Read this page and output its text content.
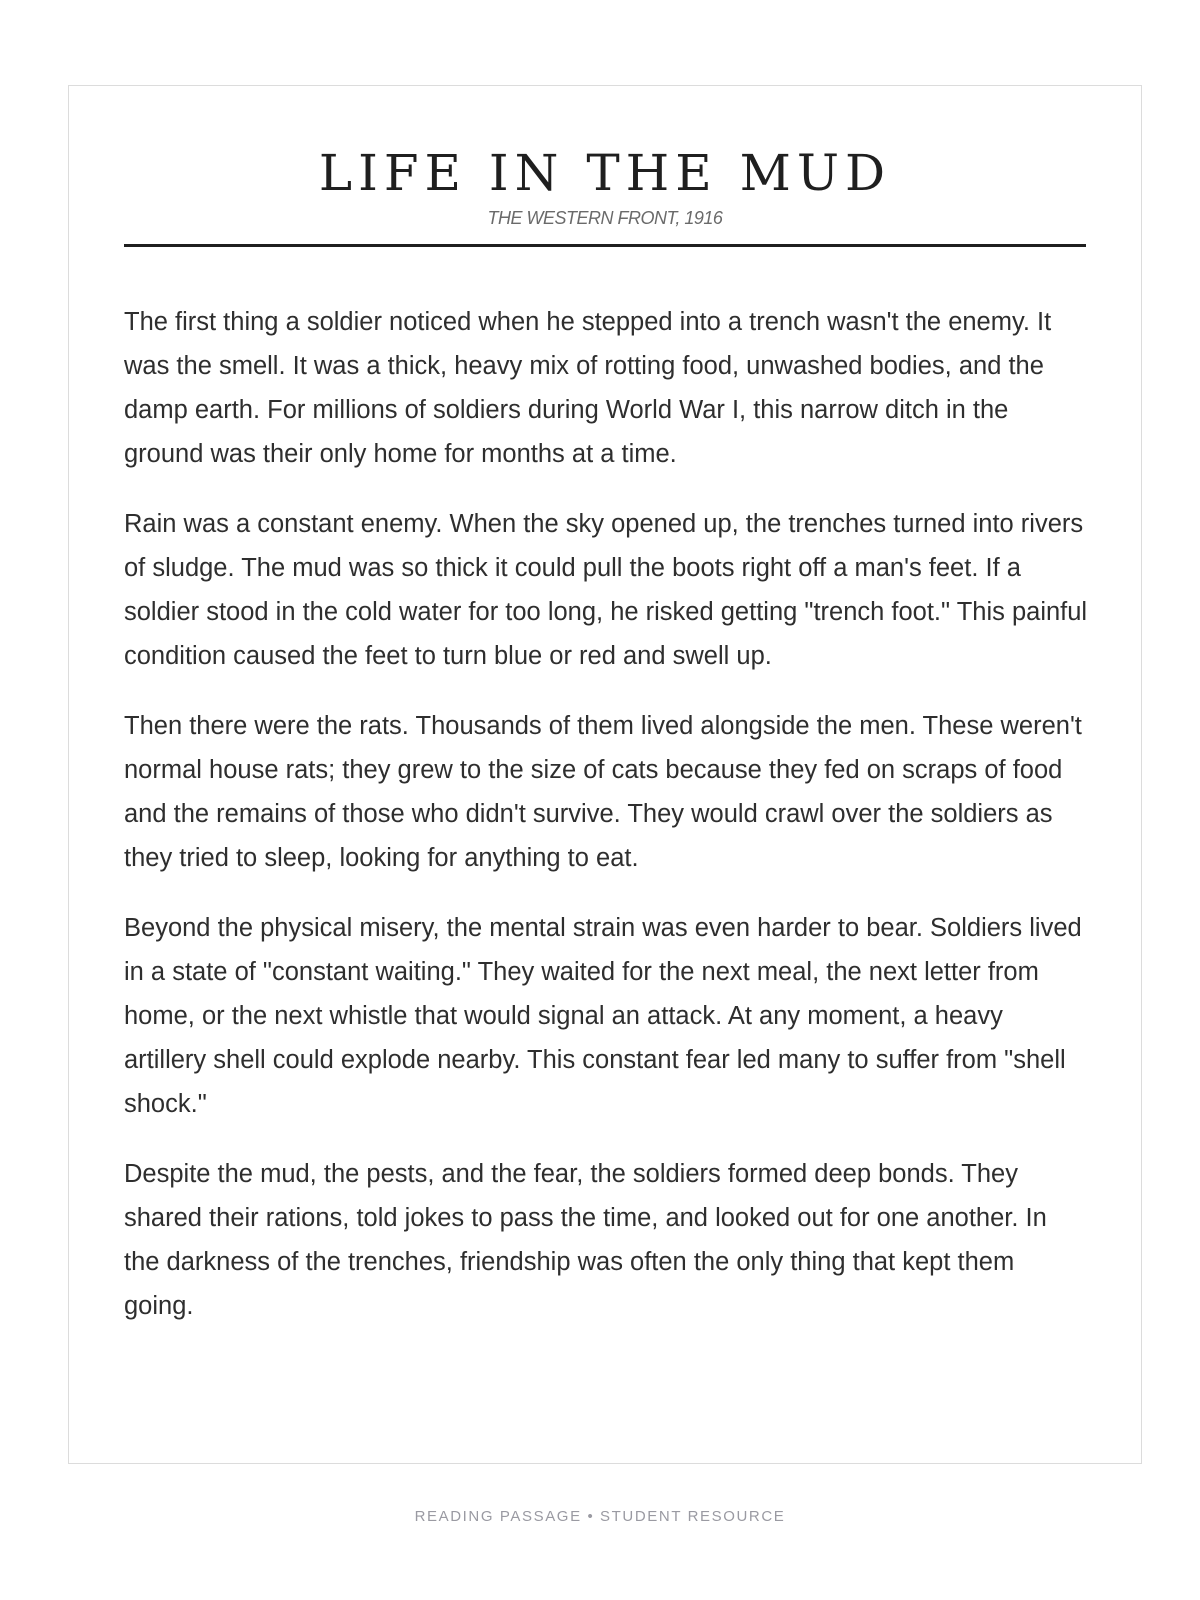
LIFE IN THE MUD
THE WESTERN FRONT, 1916

The first thing a soldier noticed when he stepped into a trench wasn't the enemy. It was the smell. It was a thick, heavy mix of rotting food, unwashed bodies, and the damp earth. For millions of soldiers during World War I, this narrow ditch in the ground was their only home for months at a time.

Rain was a constant enemy. When the sky opened up, the trenches turned into rivers of sludge. The mud was so thick it could pull the boots right off a man's feet. If a soldier stood in the cold water for too long, he risked getting "trench foot." This painful condition caused the feet to turn blue or red and swell up.

Then there were the rats. Thousands of them lived alongside the men. These weren't normal house rats; they grew to the size of cats because they fed on scraps of food and the remains of those who didn't survive. They would crawl over the soldiers as they tried to sleep, looking for anything to eat.

Beyond the physical misery, the mental strain was even harder to bear. Soldiers lived in a state of "constant waiting." They waited for the next meal, the next letter from home, or the next whistle that would signal an attack. At any moment, a heavy artillery shell could explode nearby. This constant fear led many to suffer from "shell shock."

Despite the mud, the pests, and the fear, the soldiers formed deep bonds. They shared their rations, told jokes to pass the time, and looked out for one another. In the darkness of the trenches, friendship was often the only thing that kept them going.

READING PASSAGE • STUDENT RESOURCE
